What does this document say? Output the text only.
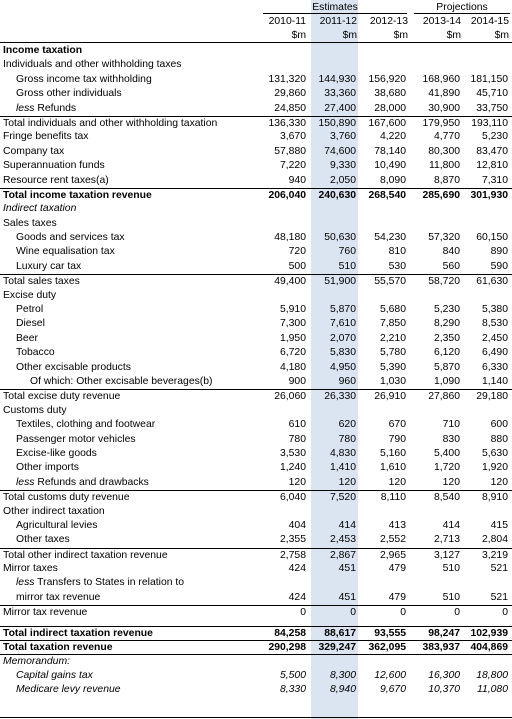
Estimates	Projections
2010-11	2011-12	2012-13	2013-14 2014-15
$m	$m	$m	$m	$m
Income taxation
Individuals and other withholding taxes
Gross income tax withholding	131,320	144,930	156,920	168,960	181,150
Gross other individuals	29,860	33,360	38,680	41,890	45,710
less Refunds	24,850	27,400	28,000	30,900	33,750
Total individuals and other withholding taxation	136,330	150,890	167,600	179,950	193,110
Fringe benefits tax	3,670	3,760	4,220	4,770	5,230
Company tax	57,880	74,600	78,140	80,300	83,470
Superannuation funds	7,220	9,330	10,490	11,800	12,810
Resource rent taxes(a)	940	2,050	8,090	8,870	7,310
Total income taxation revenue	206,040	240,630	268,540	285,690	301,930
Indirect taxation
Sales taxes
Goods and services tax	48,180	50,630	54,230	57,320	60,150
Wine equalisation tax	720	760	810	840	890
Luxury car tax	500	510	530	560	590
Total sales taxes	49,400	51,900	55,570	58,720	61,630
Excise duty
Petrol	5,910	5,870	5,680	5,230	5,380
Diesel	7,300	7,610	7,850	8,290	8,530
Beer	1,950	2,070	2,210	2,350	2,450
Tobacco	6,720	5,830	5,780	6,120	6,490
Other excisable products	4,180	4,950	5,390	5,870	6,330
Of which: Other excisable beverages(b)	900	960	1,030	1,090	1,140
Total excise duty revenue	26,060	26,330	26,910	27,860	29,180
Customs duty
Textiles, clothing and footwear	610	620	670	710	600
Passenger motor vehicles	780	780	790	830	880
Excise-like goods	3,530	4,830	5,160	5,400	5,630
Other imports	1,240	1,410	1,610	1,720	1,920
less Refunds and drawbacks	120	120	120	120	120
Total customs duty revenue	6,040	7,520	8,110	8,540	8,910
Other indirect taxation
Agricultural levies	404	414	413	414	415
Other taxes	2,355	2,453	2,552	2,713	2,804
Total other indirect taxation revenue	2,758	2,867	2,965	3,127	3,219
Mirror taxes	424	451	479	510	521
less Transfers to States in relation to
mirror tax revenue	424	451	479	510	521
Mirror tax revenue	0	0	0	0	0
Total indirect taxation revenue	84,258	88,617	93,555	98,247	102,939
Total taxation revenue	290,298	329,247	362,095	383,937	404,869
Memorandum:
Capital gains tax	5,500	8,300	12,600	16,300	18,800
Medicare levy revenue	8,330	8,940	9,670	10,370	11,080
